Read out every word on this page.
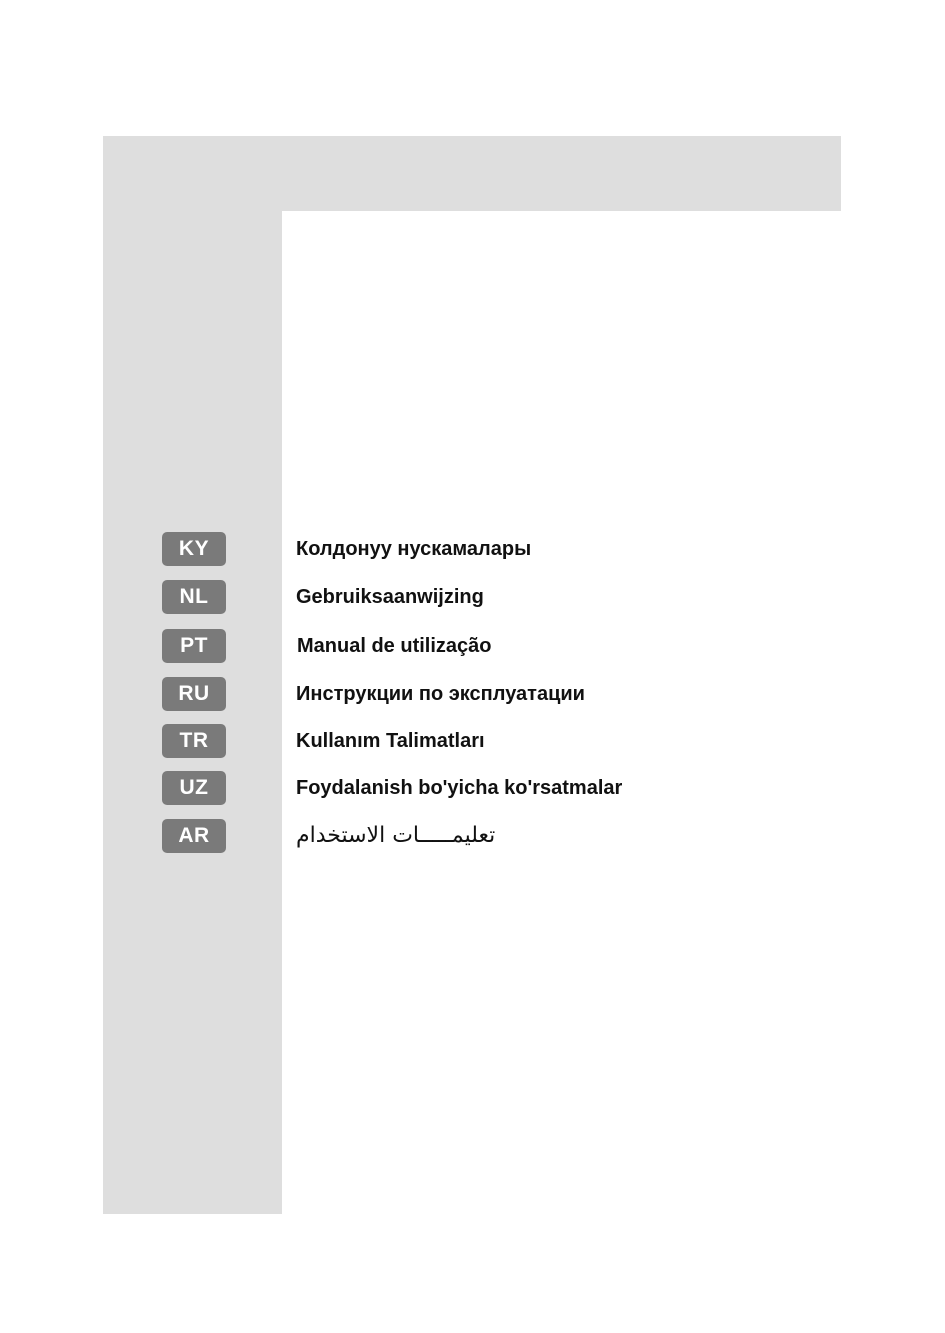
KY	Колдонуу нускамалары
NL	Gebruiksaanwijzing
PT	Manual de utilização
RU	Инструкции по эксплуатации
TR	Kullanım Talimatları
UZ	Foydalanish bo'yicha ko'rsatmalar
AR	تعليمـــــات الاستخدام
